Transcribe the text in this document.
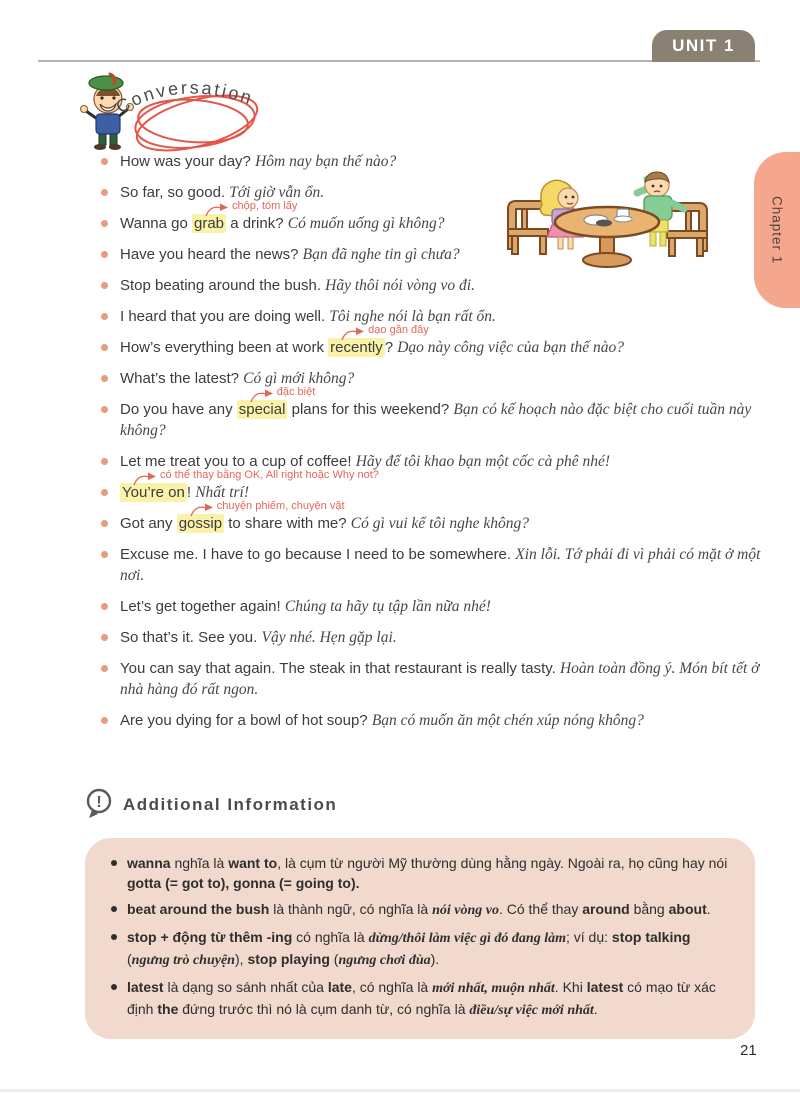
UNIT 1
Chapter 1
Conversation
How was your day? Hôm nay bạn thế nào?
So far, so good. Tới giờ vẫn ổn.
Wanna go grab
chộp, tóm lấy
a drink? Có muốn uống gì không?
Have you heard the news? Bạn đã nghe tin gì chưa?
Stop beating around the bush. Hãy thôi nói vòng vo đi.
I heard that you are doing well. Tôi nghe nói là bạn rất ổn.
How’s everything been at work recently
dạo gần đây
? Dạo này công việc của bạn thế nào?
What’s the latest? Có gì mới không?
Do you have any special
đặc biệt
plans for this weekend? Bạn có kế hoạch nào đặc biệt cho cuối tuần này không?
Let me treat you to a cup of coffee! Hãy để tôi khao bạn một cốc cà phê nhé!
You’re on
có thể thay bằng OK, All right hoặc Why not?
! Nhất trí!
Got any gossip
chuyện phiếm, chuyện vặt
to share with me? Có gì vui kể tôi nghe không?
Excuse me. I have to go because I need to be somewhere. Xin lỗi. Tớ phải đi vì phải có mặt ở một nơi.
Let’s get together again! Chúng ta hãy tụ tập lần nữa nhé!
So that’s it. See you. Vậy nhé. Hẹn gặp lại.
You can say that again. The steak in that restaurant is really tasty. Hoàn toàn đồng ý. Món bít tết ở nhà hàng đó rất ngon.
Are you dying for a bowl of hot soup? Bạn có muốn ăn một chén xúp nóng không?
! Additional Information
wanna nghĩa là want to, là cụm từ người Mỹ thường dùng hằng ngày. Ngoài ra, họ cũng hay nói gotta (= got to), gonna (= going to).
beat around the bush là thành ngữ, có nghĩa là nói vòng vo. Có thể thay around bằng about.
stop + động từ thêm -ing có nghĩa là dừng/thôi làm việc gì đó đang làm; ví dụ: stop talking (ngưng trò chuyện), stop playing (ngưng chơi đùa).
latest là dạng so sánh nhất của late, có nghĩa là mới nhất, muộn nhất. Khi latest có mạo từ xác định the đứng trước thì nó là cụm danh từ, có nghĩa là điều/sự việc mới nhất.
21
